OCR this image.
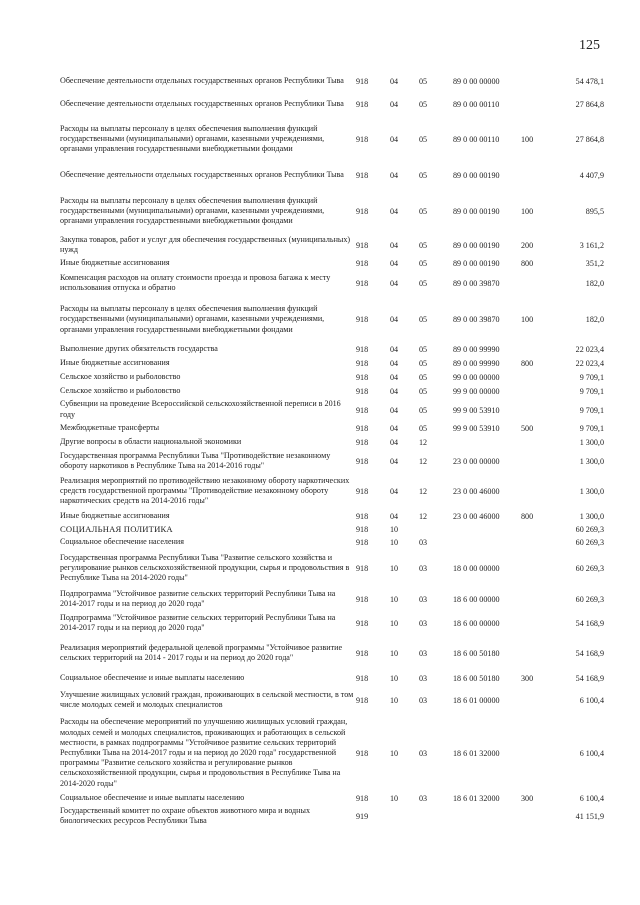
125
Обеспечение деятельности отдельных государственных органов Республики Тыва	918	04	05	89 0 00 00000		54 478,1
Обеспечение деятельности отдельных государственных органов Республики Тыва	918	04	05	89 0 00 00110		27 864,8
Расходы на выплаты персоналу в целях обеспечения выполнения функций государственными (муниципальными) органами, казенными учреждениями, органами управления государственными внебюджетными фондами	918	04	05	89 0 00 00110	100	27 864,8
Обеспечение деятельности отдельных государственных органов Республики Тыва	918	04	05	89 0 00 00190		4 407,9
Расходы на выплаты персоналу в целях обеспечения выполнения функций государственными (муниципальными) органами, казенными учреждениями, органами управления государственными внебюджетными фондами	918	04	05	89 0 00 00190	100	895,5
Закупка товаров, работ и услуг для обеспечения государственных (муниципальных) нужд	918	04	05	89 0 00 00190	200	3 161,2
Иные бюджетные ассигнования	918	04	05	89 0 00 00190	800	351,2
Компенсация расходов на оплату стоимости проезда и провоза багажа к месту использования отпуска и обратно	918	04	05	89 0 00 39870		182,0
Расходы на выплаты персоналу в целях обеспечения выполнения функций государственными (муниципальными) органами, казенными учреждениями, органами управления государственными внебюджетными фондами	918	04	05	89 0 00 39870	100	182,0
Выполнение других обязательств государства	918	04	05	89 0 00 99990		22 023,4
Иные бюджетные ассигнования	918	04	05	89 0 00 99990	800	22 023,4
Сельское хозяйство и рыболовство	918	04	05	99 0 00 00000		9 709,1
Сельское хозяйство и рыболовство	918	04	05	99 9 00 00000		9 709,1
Субвенции на проведение Всероссийской сельскохозяйственной переписи в 2016 году	918	04	05	99 9 00 53910		9 709,1
Межбюджетные трансферты	918	04	05	99 9 00 53910	500	9 709,1
Другие вопросы в области национальной экономики	918	04	12			1 300,0
Государственная программа Республики Тыва "Противодействие незаконному обороту наркотиков в Республике Тыва на 2014-2016 годы"	918	04	12	23 0 00 00000		1 300,0
Реализация мероприятий по противодействию незаконному обороту наркотических средств государственной программы "Противодействие незаконному обороту наркотических средств на 2014-2016 годы"	918	04	12	23 0 00 46000		1 300,0
Иные бюджетные ассигнования	918	04	12	23 0 00 46000	800	1 300,0
СОЦИАЛЬНАЯ ПОЛИТИКА	918	10				60 269,3
Социальное обеспечение населения	918	10	03			60 269,3
Государственная программа Республики Тыва "Развитие сельского хозяйства и регулирование рынков сельскохозяйственной продукции, сырья и продовольствия в Республике Тыва на 2014-2020 годы"	918	10	03	18 0 00 00000		60 269,3
Подпрограмма "Устойчивое развитие сельских территорий Республики Тыва на 2014-2017 годы и на период до 2020 года"	918	10	03	18 6 00 00000		60 269,3
Подпрограмма "Устойчивое развитие сельских территорий Республики Тыва на 2014-2017 годы и на период до 2020 года"	918	10	03	18 6 00 00000		54 168,9
Реализация мероприятий федеральной целевой программы "Устойчивое развитие сельских территорий на 2014 - 2017 годы и на период до 2020 года"	918	10	03	18 6 00 50180		54 168,9
Социальное обеспечение и иные выплаты населению	918	10	03	18 6 00 50180	300	54 168,9
Улучшение жилищных условий граждан, проживающих в сельской местности, в том числе молодых семей и молодых специалистов	918	10	03	18 6 01 00000		6 100,4
Расходы на обеспечение мероприятий по улучшению жилищных условий граждан, молодых семей и молодых специалистов, проживающих и работающих в сельской местности, в рамках подпрограммы "Устойчивое развитие сельских территорий Республики Тыва на 2014-2017 годы и на период до 2020 года" государственной программы "Развитие сельского хозяйства и регулирование рынков сельскохозяйственной продукции, сырья и продовольствия в Республике Тыва на 2014-2020 годы"	918	10	03	18 6 01 32000		6 100,4
Социальное обеспечение и иные выплаты населению	918	10	03	18 6 01 32000	300	6 100,4
Государственный комитет по охране объектов животного мира и водных биологических ресурсов Республики Тыва	919					41 151,9
